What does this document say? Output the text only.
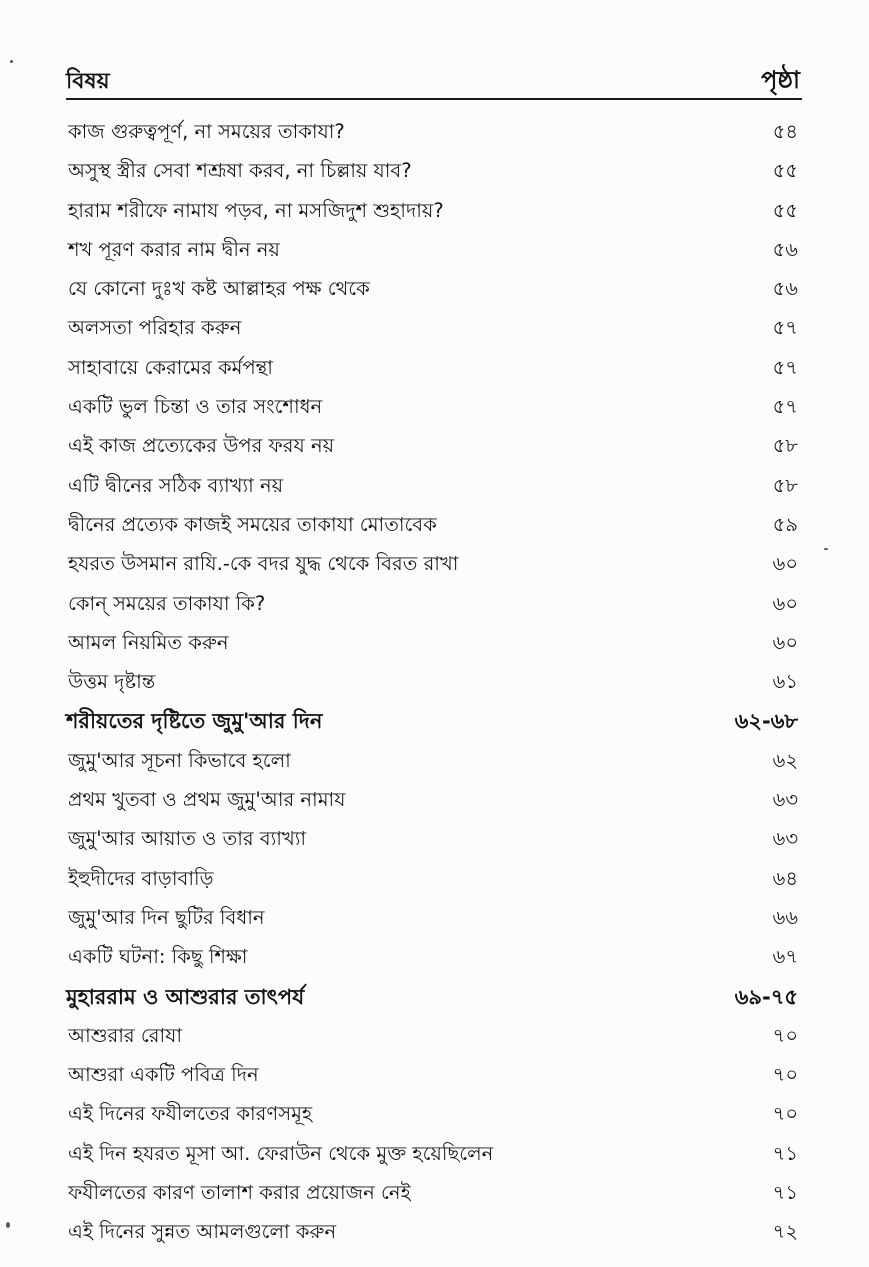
বিষয়	পৃষ্ঠা
কাজ গুরুত্বপূর্ণ, না সময়ের তাকাযা?	৫৪
অসুস্থ স্ত্রীর সেবা শশ্রূষা করব, না চিল্লায় যাব?	৫৫
হারাম শরীফে নামায পড়ব, না মসজিদুশ শুহাদায়?	৫৫
শখ পূরণ করার নাম দ্বীন নয়	৫৬
যে কোনো দুঃখ কষ্ট আল্লাহর পক্ষ থেকে	৫৬
অলসতা পরিহার করুন	৫৭
সাহাবায়ে কেরামের কর্মপন্থা	৫৭
একটি ভুল চিন্তা ও তার সংশোধন	৫৭
এই কাজ প্রত্যেকের উপর ফরয নয়	৫৮
এটি দ্বীনের সঠিক ব্যাখ্যা নয়	৫৮
দ্বীনের প্রত্যেক কাজই সময়ের তাকাযা মোতাবেক	৫৯
হযরত উসমান রাযি.-কে বদর যুদ্ধ থেকে বিরত রাখা	৬০
কোন্ সময়ের তাকাযা কি?	৬০
আমল নিয়মিত করুন	৬০
উত্তম দৃষ্টান্ত	৬১
শরীয়তের দৃষ্টিতে জুমু'আর দিন	৬২-৬৮
জুমু'আর সূচনা কিভাবে হলো	৬২
প্রথম খুতবা ও প্রথম জুমু'আর নামায	৬৩
জুমু'আর আয়াত ও তার ব্যাখ্যা	৬৩
ইহুদীদের বাড়াবাড়ি	৬৪
জুমু'আর দিন ছুটির বিধান	৬৬
একটি ঘটনা: কিছু শিক্ষা	৬৭
মুহাররাম ও আশুরার তাৎপর্য	৬৯-৭৫
আশুরার রোযা	৭০
আশুরা একটি পবিত্র দিন	৭০
এই দিনের ফযীলতের কারণসমূহ	৭০
এই দিন হযরত মূসা আ. ফেরাউন থেকে মুক্ত হয়েছিলেন	৭১
ফযীলতের কারণ তালাশ করার প্রয়োজন নেই	৭১
এই দিনের সুন্নত আমলগুলো করুন	৭২
